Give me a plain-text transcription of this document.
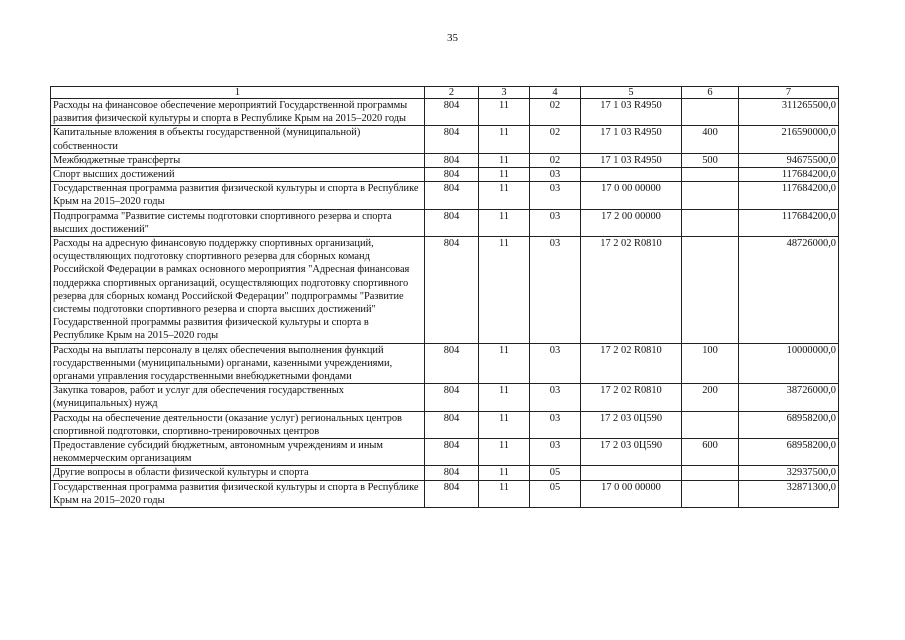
35
1	2	3	4	5	6	7
Расходы на финансовое обеспечение мероприятий Государственной программы развития физической культуры и спорта в Республике Крым на 2015–2020 годы	804	11	02	17 1 03 R4950		311265500,0
Капитальные вложения в объекты государственной (муниципальной) собственности	804	11	02	17 1 03 R4950	400	216590000,0
Межбюджетные трансферты	804	11	02	17 1 03 R4950	500	94675500,0
Спорт высших достижений	804	11	03			117684200,0
Государственная программа развития физической культуры и спорта в Республике Крым на 2015–2020 годы	804	11	03	17 0 00 00000		117684200,0
Подпрограмма "Развитие системы подготовки спортивного резерва и спорта высших достижений"	804	11	03	17 2 00 00000		117684200,0
Расходы на адресную финансовую поддержку спортивных организаций, осуществляющих подготовку спортивного резерва для сборных команд Российской Федерации в рамках основного мероприятия "Адресная финансовая поддержка спортивных организаций, осуществляющих подготовку спортивного резерва для сборных команд Российской Федерации" подпрограммы "Развитие системы подготовки спортивного резерва и спорта высших достижений" Государственной программы развития физической культуры и спорта в Республике Крым на 2015–2020 годы	804	11	03	17 2 02 R0810		48726000,0
Расходы на выплаты персоналу в целях обеспечения выполнения функций государственными (муниципальными) органами, казенными учреждениями, органами управления государственными внебюджетными фондами	804	11	03	17 2 02 R0810	100	10000000,0
Закупка товаров, работ и услуг для обеспечения государственных (муниципальных) нужд	804	11	03	17 2 02 R0810	200	38726000,0
Расходы на обеспечение деятельности (оказание услуг) региональных центров спортивной подготовки, спортивно-тренировочных центров	804	11	03	17 2 03 0Ц590		68958200,0
Предоставление субсидий бюджетным, автономным учреждениям и иным некоммерческим организациям	804	11	03	17 2 03 0Ц590	600	68958200,0
Другие вопросы в области физической культуры и спорта	804	11	05			32937500,0
Государственная программа развития физической культуры и спорта в Республике Крым на 2015–2020 годы	804	11	05	17 0 00 00000		32871300,0
